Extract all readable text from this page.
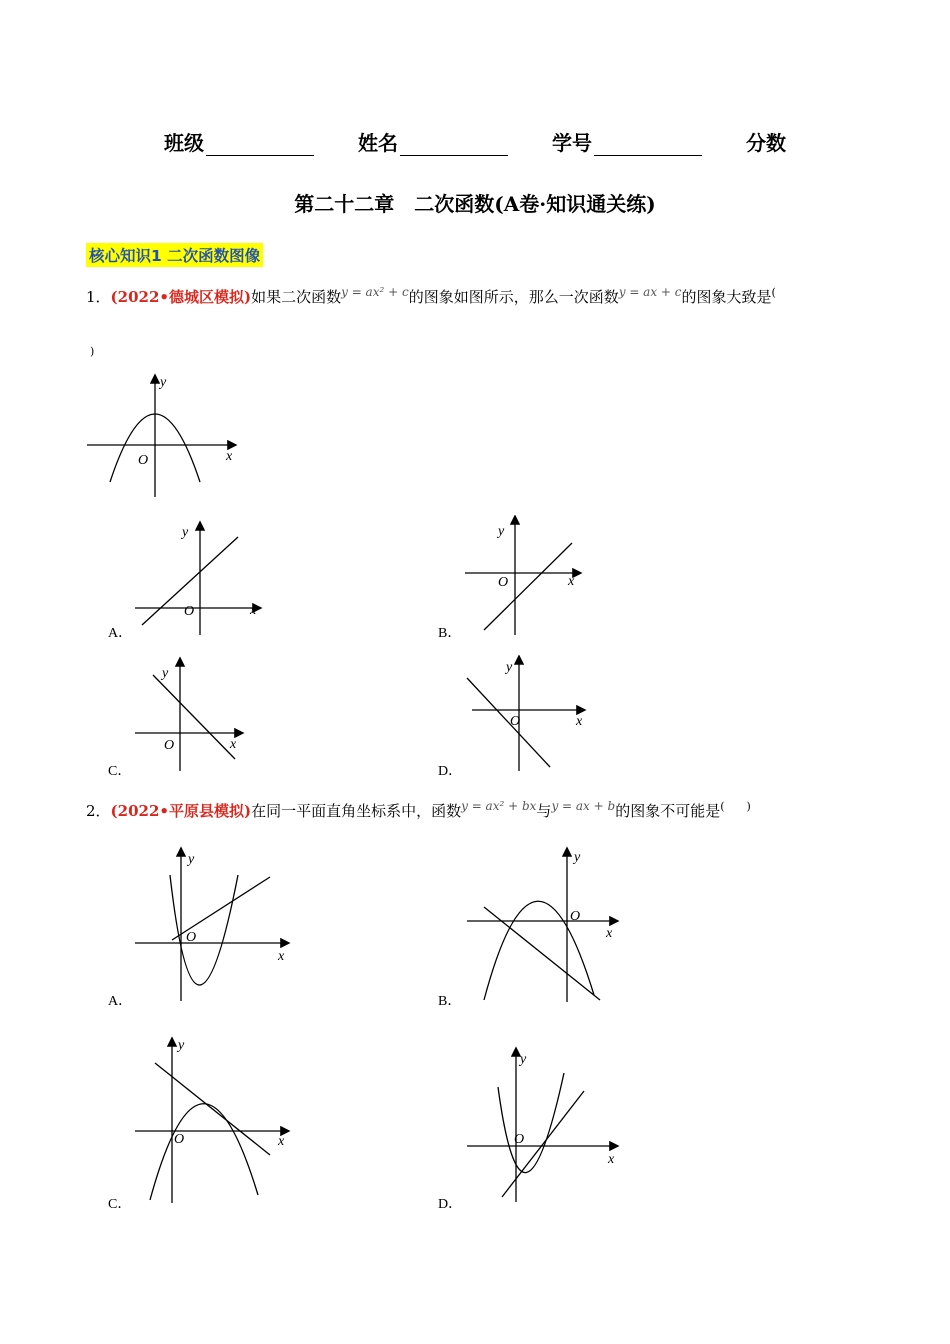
班级	姓名	学号	分数
第二十二章　二次函数(A卷·知识通关练)
核心知识1 二次函数图像
1．(2022•德城区模拟)如果二次函数$^{y = ax^2 + c}$的图象如图所示，那么一次函数$^{y = ax + c}$的图象大致是(
)
y
x
O
y
x
O
A．
y
x
O
B．
y
x
O
C．
y
x
O
D．
2．(2022•平原县模拟)在同一平面直角坐标系中，函数$^{y = ax^2 + bx}$与$^{y = ax + b}$的图象不可能是(　　)
y
x
O
A．
y
x
O
B．
y
x
O
C．
y
x
O
D．
